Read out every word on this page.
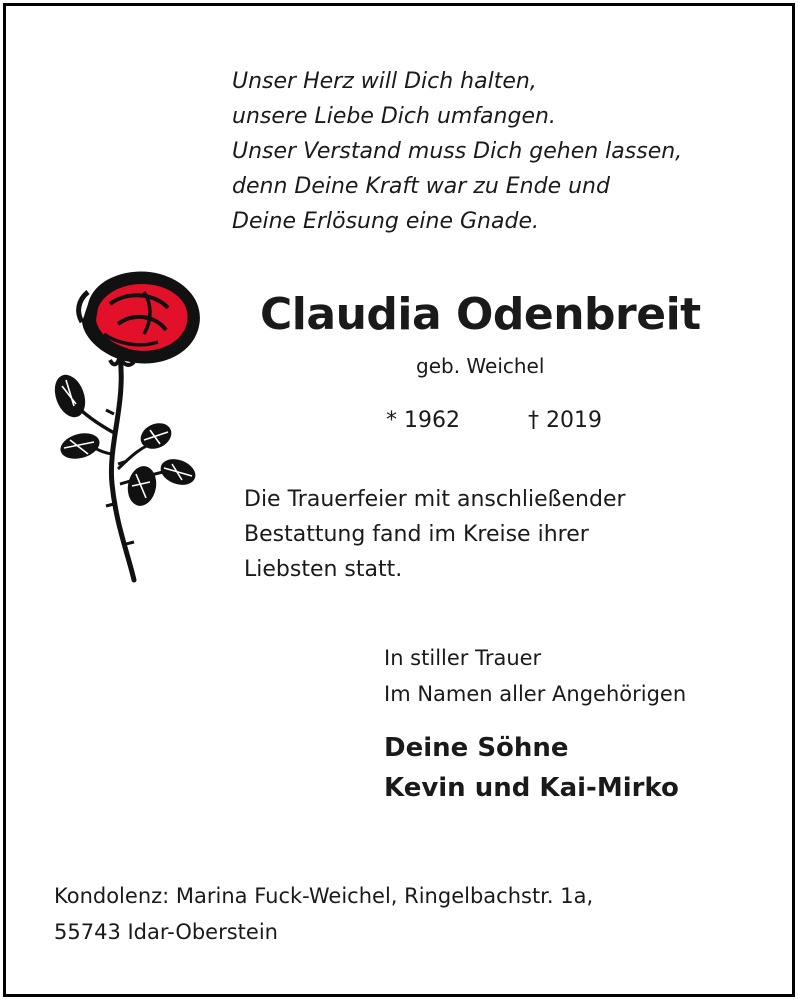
Unser Herz will Dich halten,
unsere Liebe Dich umfangen.
Unser Verstand muss Dich gehen lassen,
denn Deine Kraft war zu Ende und
Deine Erlösung eine Gnade.
Claudia Odenbreit
geb. Weichel
* 1962	† 2019
Die Trauerfeier mit anschließender
Bestattung fand im Kreise ihrer
Liebsten statt.
In stiller Trauer
Im Namen aller Angehörigen
Deine Söhne
Kevin und Kai-Mirko
Kondolenz: Marina Fuck-Weichel, Ringelbachstr. 1a,
55743 Idar-Oberstein
